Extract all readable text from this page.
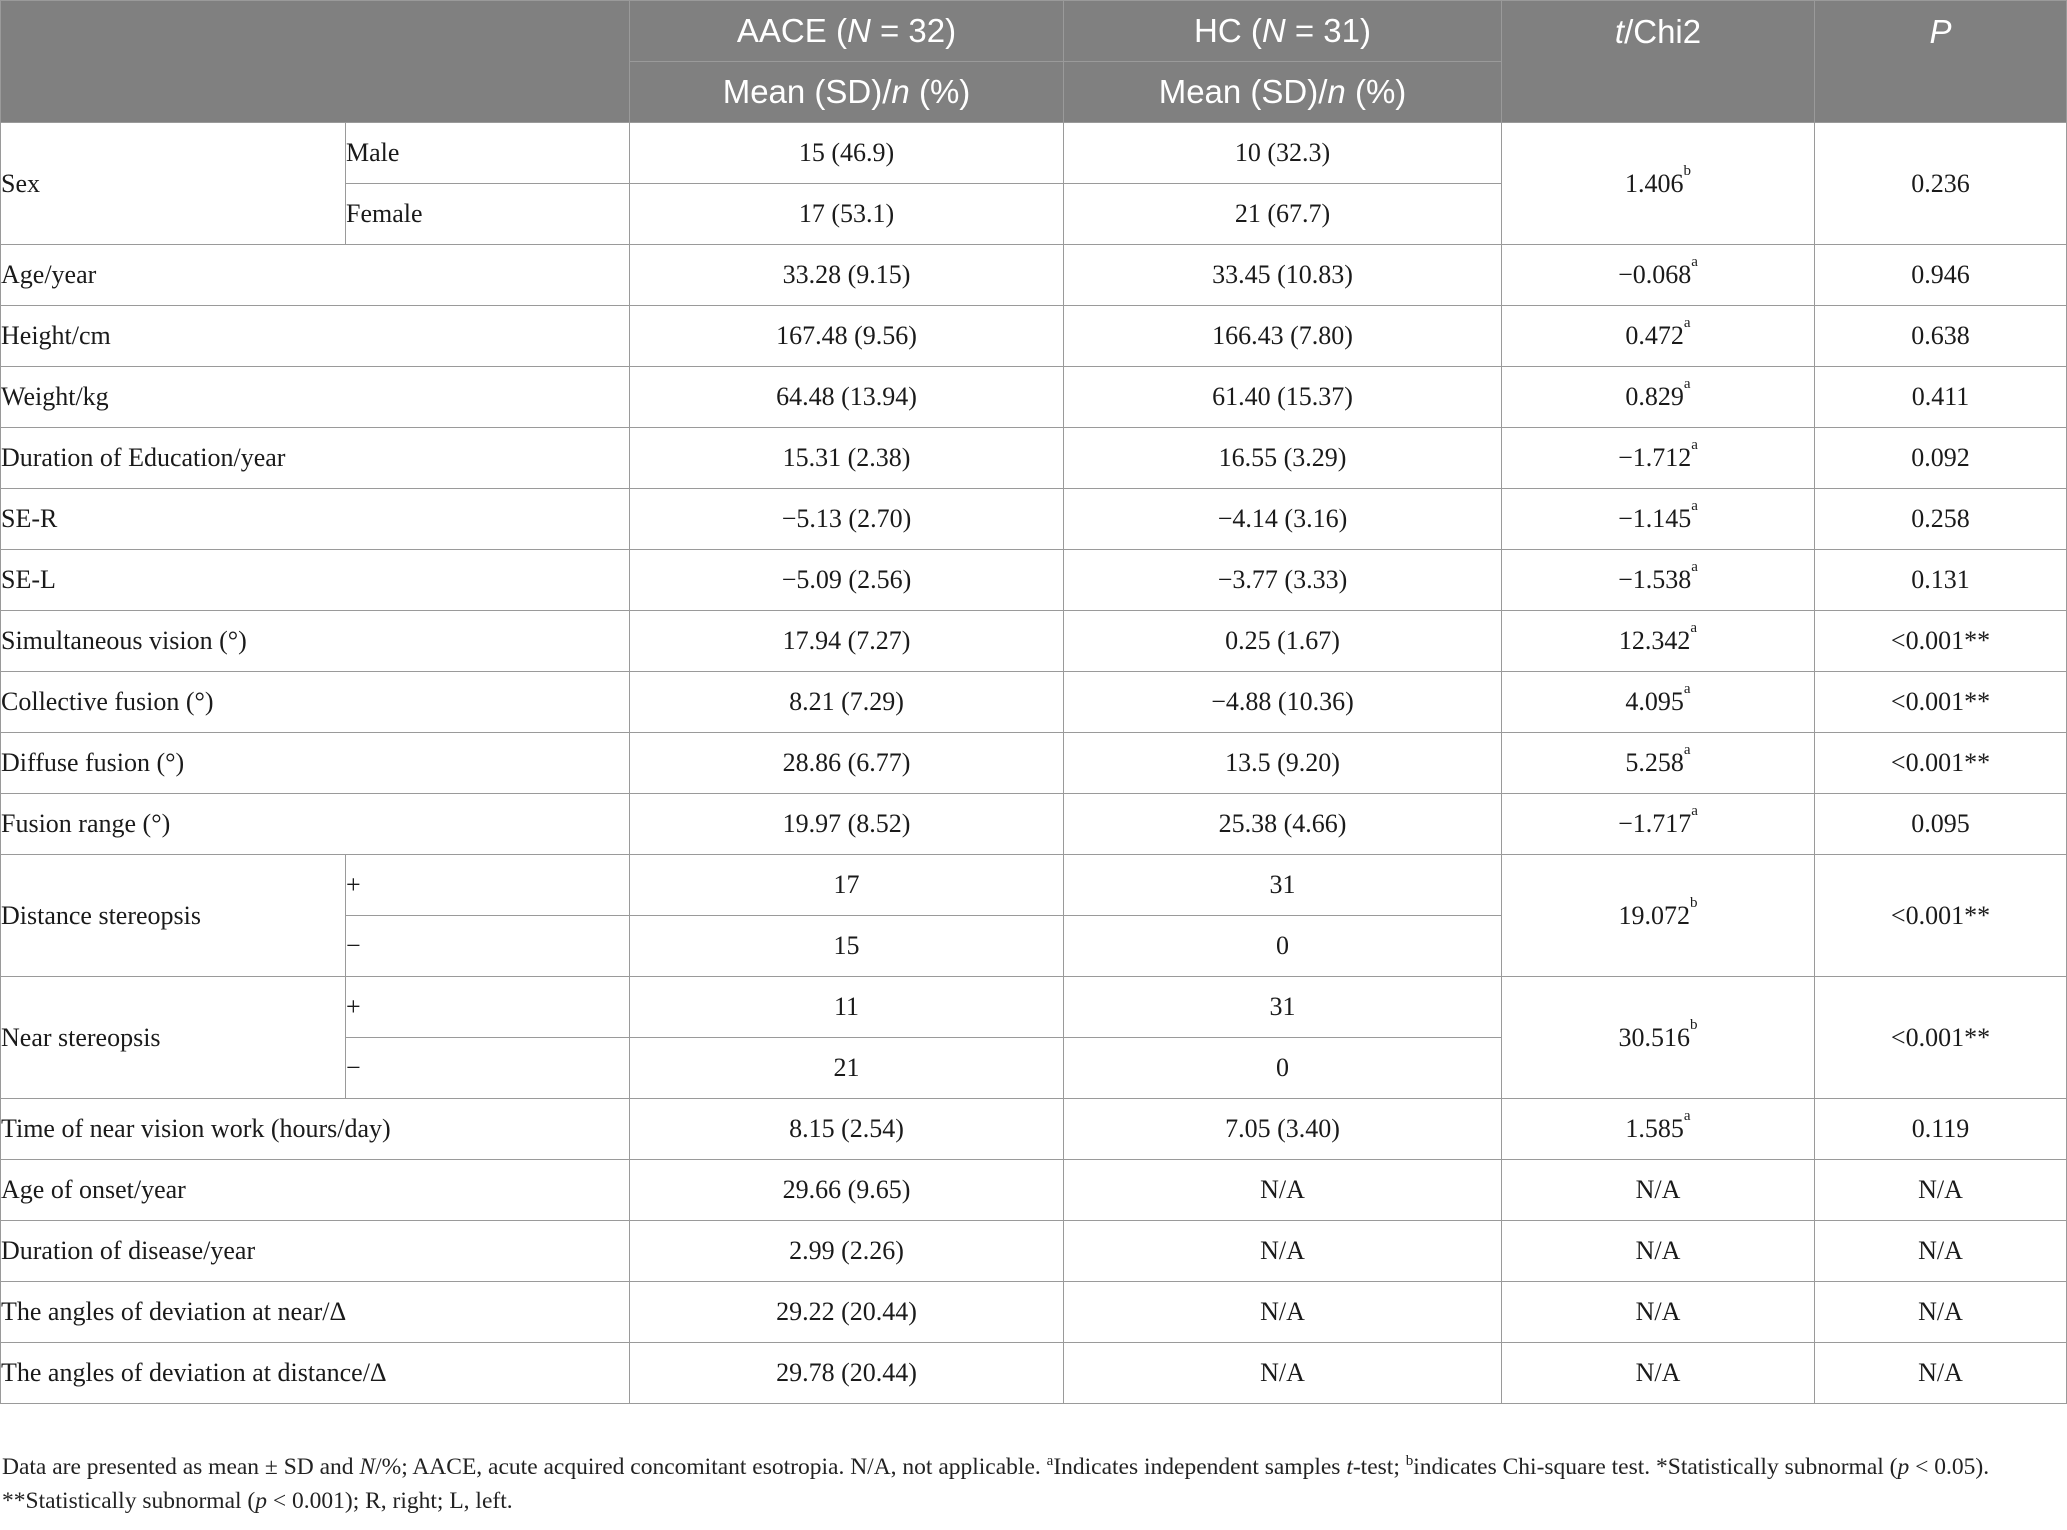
		AACE (N = 32)	HC (N = 31)	t/Chi2	P
		Mean (SD)/n (%)	Mean (SD)/n (%)		
Sex	Male	15 (46.9)	10 (32.3)	1.406$^b$	0.236
	Female	17 (53.1)	21 (67.7)		
Age/year		33.28 (9.15)	33.45 (10.83)	−0.068$^a$	0.946
Height/cm		167.48 (9.56)	166.43 (7.80)	0.472$^a$	0.638
Weight/kg		64.48 (13.94)	61.40 (15.37)	0.829$^a$	0.411
Duration of Education/year		15.31 (2.38)	16.55 (3.29)	−1.712$^a$	0.092
SE-R		−5.13 (2.70)	−4.14 (3.16)	−1.145$^a$	0.258
SE-L		−5.09 (2.56)	−3.77 (3.33)	−1.538$^a$	0.131
Simultaneous vision (°)		17.94 (7.27)	0.25 (1.67)	12.342$^a$	<0.001**
Collective fusion (°)		8.21 (7.29)	−4.88 (10.36)	4.095$^a$	<0.001**
Diffuse fusion (°)		28.86 (6.77)	13.5 (9.20)	5.258$^a$	<0.001**
Fusion range (°)		19.97 (8.52)	25.38 (4.66)	−1.717$^a$	0.095
Distance stereopsis	+	17	31	19.072$^b$	<0.001**
	−	15	0		
Near stereopsis	+	11	31	30.516$^b$	<0.001**
	−	21	0		
Time of near vision work (hours/day)		8.15 (2.54)	7.05 (3.40)	1.585$^a$	0.119
Age of onset/year		29.66 (9.65)	N/A	N/A	N/A
Duration of disease/year		2.99 (2.26)	N/A	N/A	N/A
The angles of deviation at near/Δ		29.22 (20.44)	N/A	N/A	N/A
The angles of deviation at distance/Δ		29.78 (20.44)	N/A	N/A	N/A
Data are presented as mean ± SD and N/%; AACE, acute acquired concomitant esotropia. N/A, not applicable. $^a$Indicates independent samples t-test; $^b$indicates Chi-square test. *Statistically subnormal (p < 0.05). **Statistically subnormal (p < 0.001); R, right; L, left.
